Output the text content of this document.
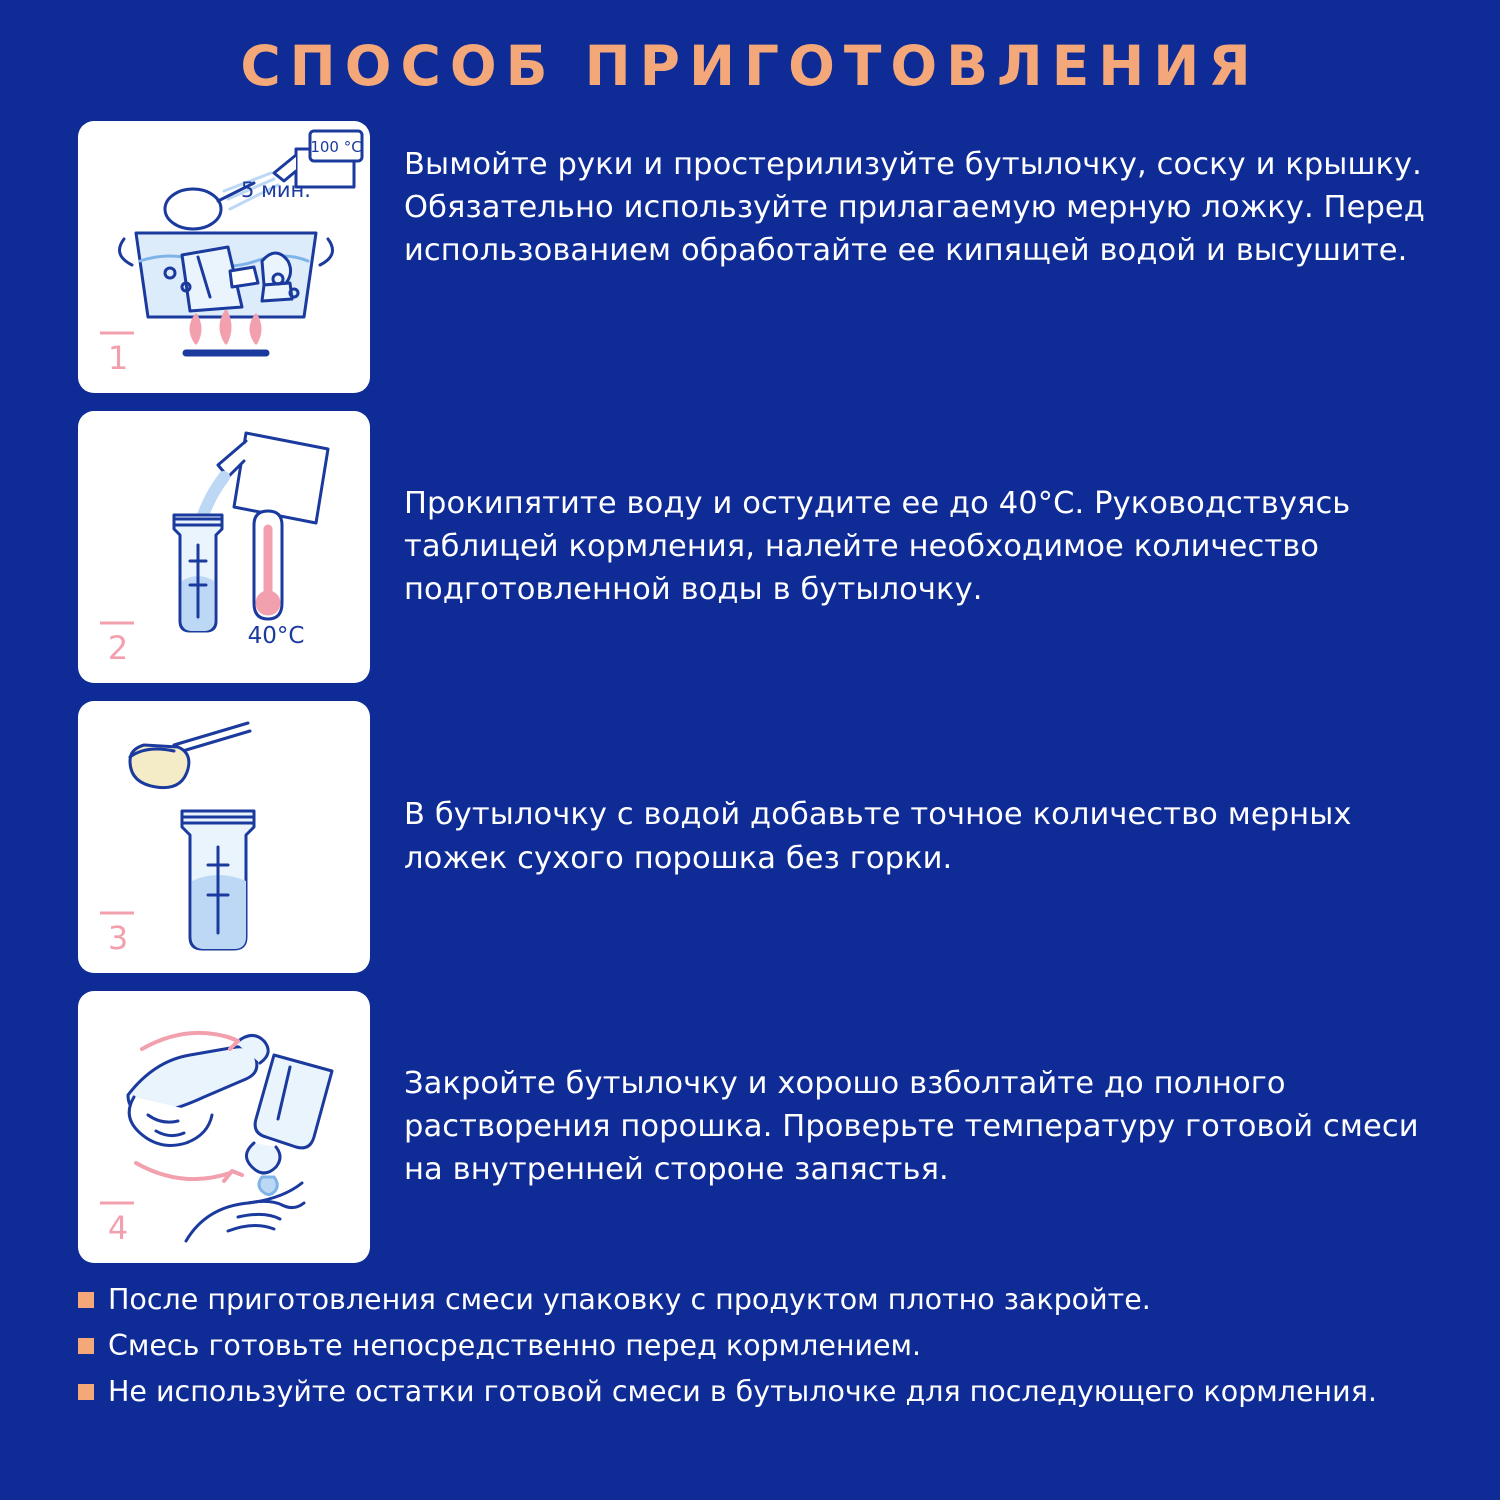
СПОСОБ ПРИГОТОВЛЕНИЯ
100 °C
5 мин.
1
Вымойте руки и простерилизуйте бутылочку, соску и крышку. Обязательно используйте прилагаемую мерную ложку. Перед использованием обработайте ее кипящей водой и высушите.
40°С
2
Прокипятите воду и остудите ее до 40°С. Руководствуясь таблицей кормления, налейте необходимое количество подготовленной воды в бутылочку.
3
В бутылочку с водой добавьте точное количество мерных ложек сухого порошка без горки.
4
Закройте бутылочку и хорошо взболтайте до полного растворения порошка. Проверьте температуру готовой смеси на внутренней стороне запястья.
После приготовления смеси упаковку с продуктом плотно закройте.
Смесь готовьте непосредственно перед кормлением.
Не используйте остатки готовой смеси в бутылочке для последующего кормления.
